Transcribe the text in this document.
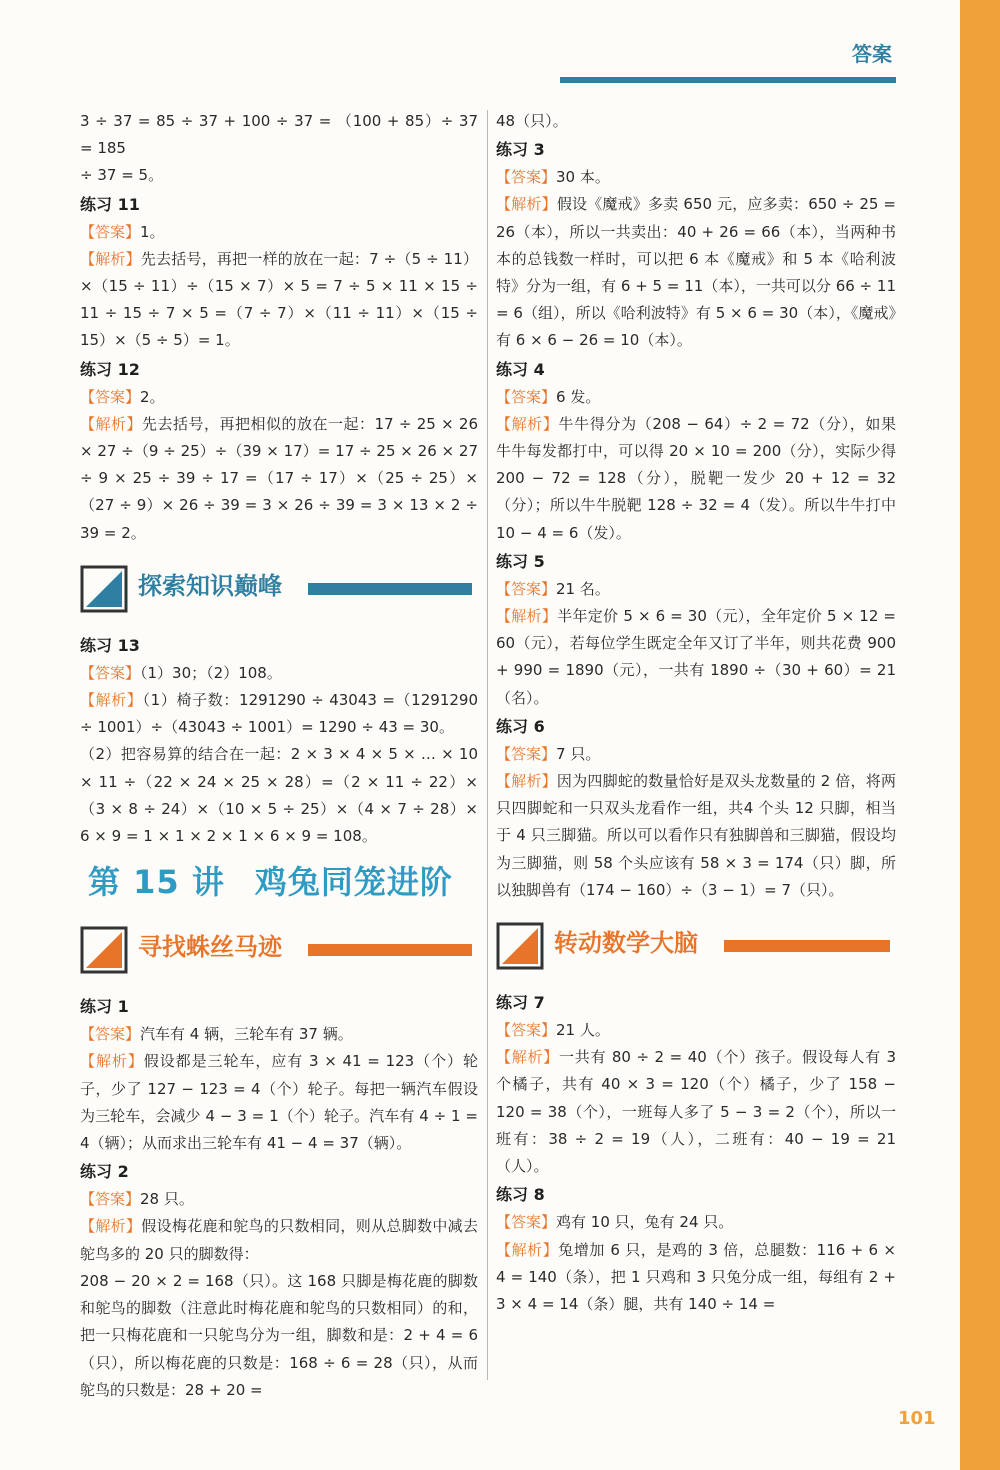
答案

3 ÷ 37 = 85 ÷ 37 + 100 ÷ 37 = （100 + 85）÷ 37 = 185

÷ 37 = 5。

练习 11

【答案】1。

【解析】先去括号，再把一样的放在一起：7 ÷（5 ÷ 11）×（15 ÷ 11）÷（15 × 7）× 5 = 7 ÷ 5 × 11 × 15 ÷ 11 ÷ 15 ÷ 7 × 5 =（7 ÷ 7）×（11 ÷ 11）×（15 ÷ 15）×（5 ÷ 5）= 1。

练习 12

【答案】2。

【解析】先去括号，再把相似的放在一起：17 ÷ 25 × 26 × 27 ÷（9 ÷ 25）÷（39 × 17）= 17 ÷ 25 × 26 × 27 ÷ 9 × 25 ÷ 39 ÷ 17 =（17 ÷ 17）×（25 ÷ 25）×（27 ÷ 9）× 26 ÷ 39 = 3 × 26 ÷ 39 = 3 × 13 × 2 ÷ 39 = 2。

探索知识巅峰

练习 13

【答案】（1）30；（2）108。

【解析】（1）椅子数：1291290 ÷ 43043 =（1291290 ÷ 1001）÷（43043 ÷ 1001）= 1290 ÷ 43 = 30。

（2）把容易算的结合在一起：2 × 3 × 4 × 5 × … × 10 × 11 ÷（22 × 24 × 25 × 28）=（2 × 11 ÷ 22）×（3 × 8 ÷ 24）×（10 × 5 ÷ 25）×（4 × 7 ÷ 28）× 6 × 9 = 1 × 1 × 2 × 1 × 6 × 9 = 108。

第 15 讲 鸡兔同笼进阶
寻找蛛丝马迹

练习 1

【答案】汽车有 4 辆，三轮车有 37 辆。

【解析】假设都是三轮车，应有 3 × 41 = 123（个）轮子，少了 127 − 123 = 4（个）轮子。每把一辆汽车假设为三轮车，会减少 4 − 3 = 1（个）轮子。汽车有 4 ÷ 1 = 4（辆）；从而求出三轮车有 41 − 4 = 37（辆）。

练习 2

【答案】28 只。

【解析】假设梅花鹿和鸵鸟的只数相同，则从总脚数中减去鸵鸟多的 20 只的脚数得：

208 − 20 × 2 = 168（只）。这 168 只脚是梅花鹿的脚数和鸵鸟的脚数（注意此时梅花鹿和鸵鸟的只数相同）的和，把一只梅花鹿和一只鸵鸟分为一组，脚数和是：2 + 4 = 6（只），所以梅花鹿的只数是：168 ÷ 6 = 28（只），从而鸵鸟的只数是：28 + 20 =

48（只）。

练习 3

【答案】30 本。

【解析】假设《魔戒》多卖 650 元，应多卖：650 ÷ 25 = 26（本），所以一共卖出：40 + 26 = 66（本），当两种书本的总钱数一样时，可以把 6 本《魔戒》和 5 本《哈利波特》分为一组，有 6 + 5 = 11（本），一共可以分 66 ÷ 11 = 6（组），所以《哈利波特》有 5 × 6 = 30（本），《魔戒》有 6 × 6 − 26 = 10（本）。

练习 4

【答案】6 发。

【解析】牛牛得分为（208 − 64）÷ 2 = 72（分），如果牛牛每发都打中，可以得 20 × 10 = 200（分），实际少得 200 − 72 = 128（分），脱靶一发少 20 + 12 = 32（分）；所以牛牛脱靶 128 ÷ 32 = 4（发）。所以牛牛打中 10 − 4 = 6（发）。

练习 5

【答案】21 名。

【解析】半年定价 5 × 6 = 30（元），全年定价 5 × 12 = 60（元），若每位学生既定全年又订了半年，则共花费 900 + 990 = 1890（元），一共有 1890 ÷（30 + 60）= 21（名）。

练习 6

【答案】7 只。

【解析】因为四脚蛇的数量恰好是双头龙数量的 2 倍，将两只四脚蛇和一只双头龙看作一组，共4 个头 12 只脚，相当于 4 只三脚猫。所以可以看作只有独脚兽和三脚猫，假设均为三脚猫，则 58 个头应该有 58 × 3 = 174（只）脚，所以独脚兽有（174 − 160）÷（3 − 1）= 7（只）。

转动数学大脑

练习 7

【答案】21 人。

【解析】一共有 80 ÷ 2 = 40（个）孩子。假设每人有 3 个橘子，共有 40 × 3 = 120（个）橘子，少了 158 − 120 = 38（个），一班每人多了 5 − 3 = 2（个），所以一班有：38 ÷ 2 = 19（人），二班有：40 − 19 = 21（人）。

练习 8

【答案】鸡有 10 只，兔有 24 只。

【解析】兔增加 6 只，是鸡的 3 倍，总腿数：116 + 6 × 4 = 140（条），把 1 只鸡和 3 只兔分成一组，每组有 2 + 3 × 4 = 14（条）腿，共有 140 ÷ 14 =

101
